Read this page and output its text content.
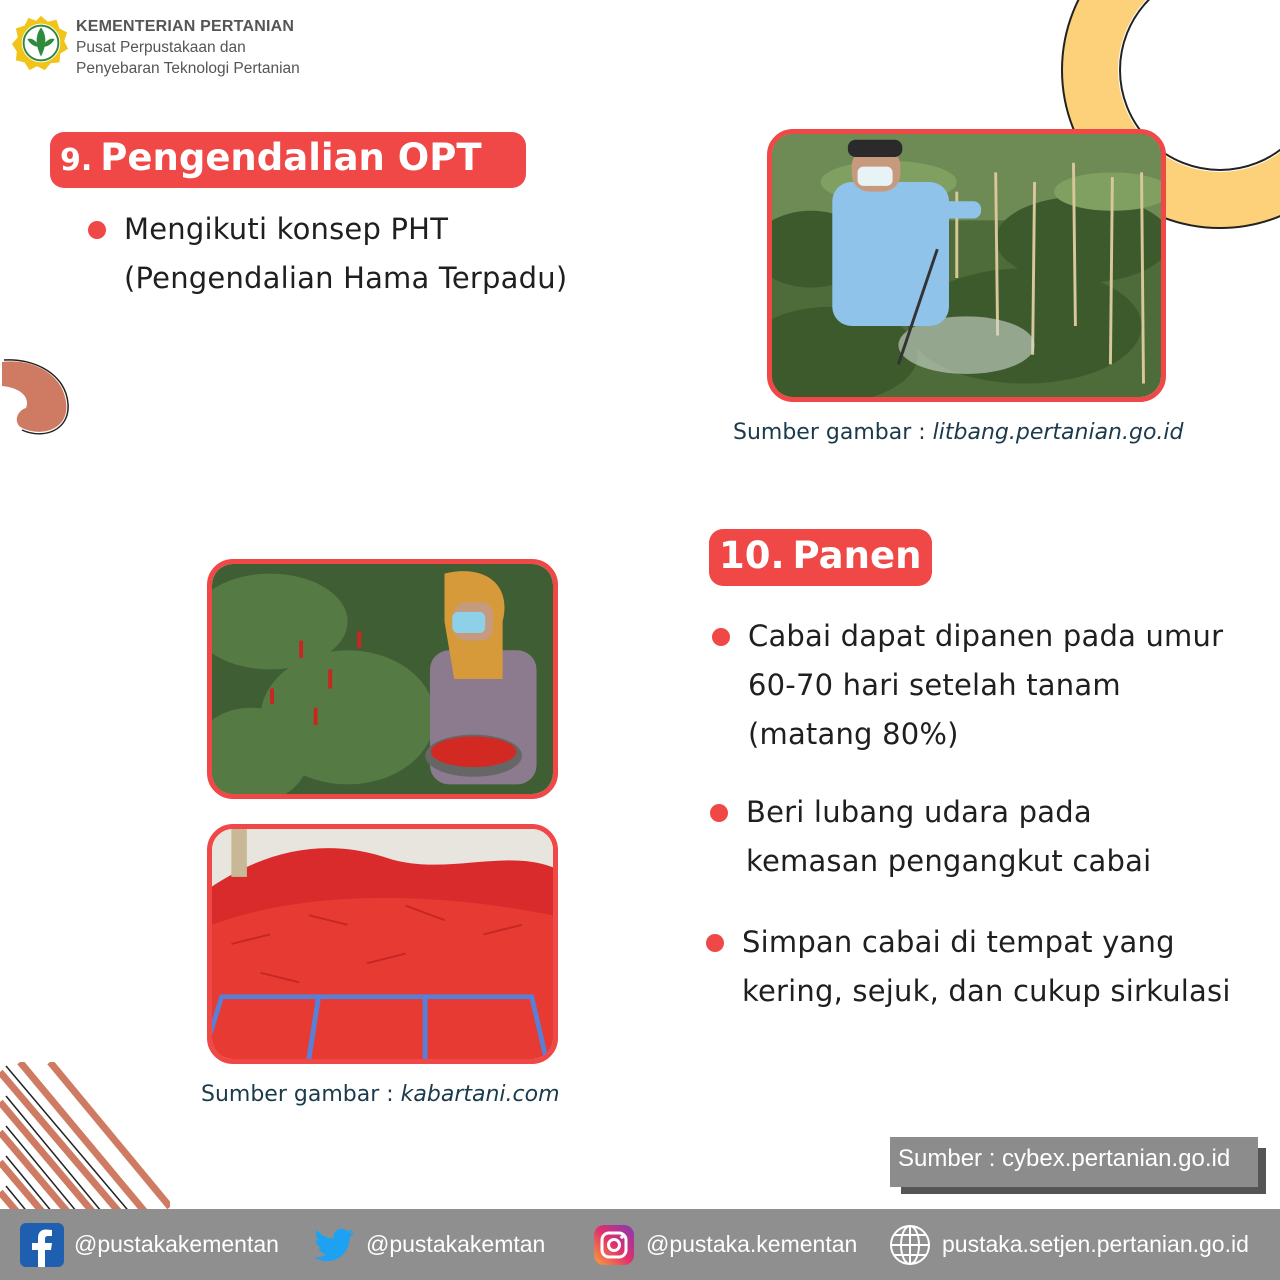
KEMENTERIAN PERTANIAN
Pusat Perpustakaan dan
Penyebaran Teknologi Pertanian
9. Pengendalian OPT
Mengikuti konsep PHT
(Pengendalian Hama Terpadu)
Sumber gambar : litbang.pertanian.go.id
10. Panen
Cabai dapat dipanen pada umur
60-70 hari setelah tanam
(matang 80%)
Beri lubang udara pada
kemasan pengangkut cabai
Simpan cabai di tempat yang
kering, sejuk, dan cukup sirkulasi
Sumber gambar : kabartani.com
Sumber : cybex.pertanian.go.id
@pustakakementan	@pustakakemtan	@pustaka.kementan	pustaka.setjen.pertanian.go.id
